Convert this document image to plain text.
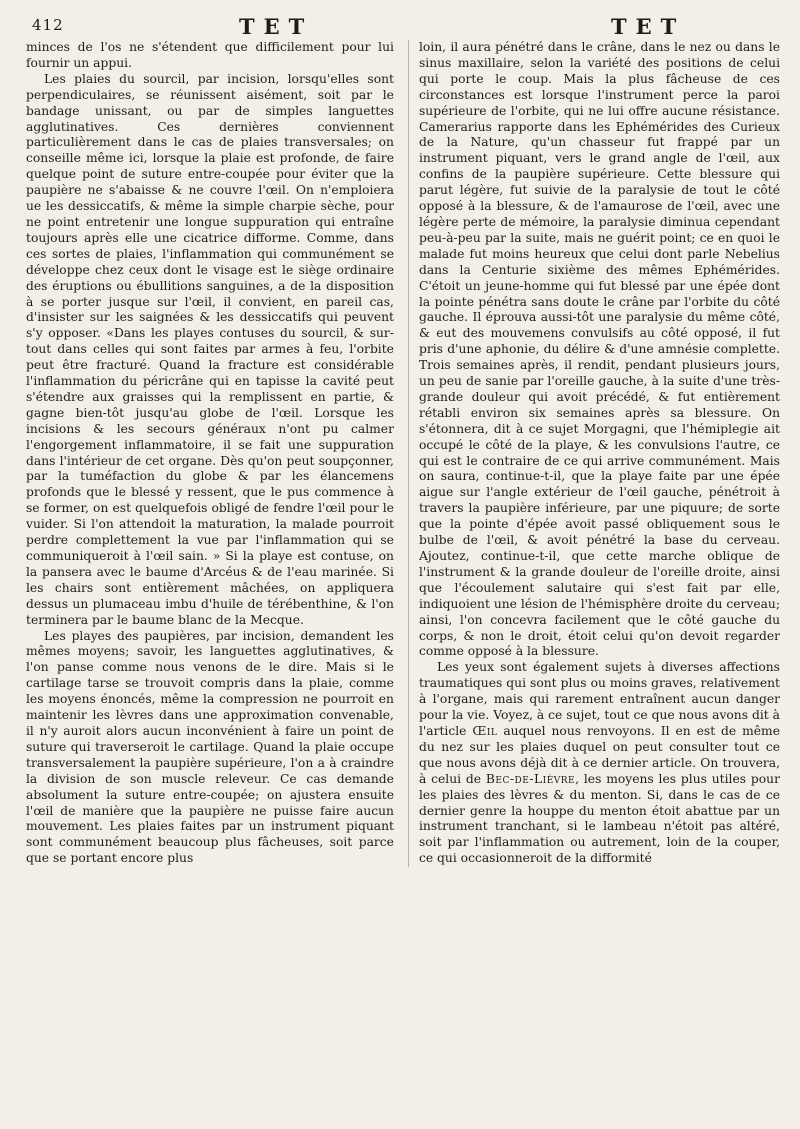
412	TET	TET

minces de l'os ne s'étendent que difficilement pour lui fournir un appui.

Les plaies du sourcil, par incision, lorsqu'elles sont perpendiculaires, se réunissent aisément, soit par le bandage unissant, ou par de simples languettes agglutinatives. Ces dernières conviennent particulièrement dans le cas de plaies transversales; on conseille même ici, lorsque la plaie est profonde, de faire quelque point de suture entre-coupée pour éviter que la paupière ne s'abaisse & ne couvre l'œil. On n'emploiera ue les dessiccatifs, & même la simple charpie sèche, pour ne point entretenir une longue suppuration qui entraîne toujours après elle une cicatrice difforme. Comme, dans ces sortes de plaies, l'inflammation qui communément se développe chez ceux dont le visage est le siège ordinaire des éruptions ou ébullitions sanguines, a de la disposition à se porter jusque sur l'œil, il convient, en pareil cas, d'insister sur les saignées & les dessiccatifs qui peuvent s'y opposer. «Dans les playes contuses du sourcil, & sur-tout dans celles qui sont faites par armes à feu, l'orbite peut être fracturé. Quand la fracture est considérable l'inflammation du péricrâne qui en tapisse la cavité peut s'étendre aux graisses qui la remplissent en partie, & gagne bien-tôt jusqu'au globe de l'œil. Lorsque les incisions & les secours généraux n'ont pu calmer l'engorgement inflammatoire, il se fait une suppuration dans l'intérieur de cet organe. Dès qu'on peut soupçonner, par la tuméfaction du globe & par les élancemens profonds que le blessé y ressent, que le pus commence à se former, on est quelquefois obligé de fendre l'œil pour le vuider. Si l'on attendoit la maturation, la malade pourroit perdre complettement la vue par l'inflammation qui se communiqueroit à l'œil sain. » Si la playe est contuse, on la pansera avec le baume d'Arcéus & de l'eau marinée. Si les chairs sont entièrement mâchées, on appliquera dessus un plumaceau imbu d'huile de térébenthine, & l'on terminera par le baume blanc de la Mecque.

Les playes des paupières, par incision, demandent les mêmes moyens; savoir, les languettes agglutinatives, & l'on panse comme nous venons de le dire. Mais si le cartilage tarse se trouvoit compris dans la plaie, comme les moyens énoncés, même la compression ne pourroit en maintenir les lèvres dans une approximation convenable, il n'y auroit alors aucun inconvénient à faire un point de suture qui traverseroit le cartilage. Quand la plaie occupe transversalement la paupière supérieure, l'on a à craindre la division de son muscle releveur. Ce cas demande absolument la suture entre-coupée; on ajustera ensuite l'œil de manière que la paupière ne puisse faire aucun mouvement. Les plaies faites par un instrument piquant sont communément beaucoup plus fâcheuses, soit parce que se portant encore plus

loin, il aura pénétré dans le crâne, dans le nez ou dans le sinus maxillaire, selon la variété des positions de celui qui porte le coup. Mais la plus fâcheuse de ces circonstances est lorsque l'instrument perce la paroi supérieure de l'orbite, qui ne lui offre aucune résistance. Camerarius rapporte dans les Ephémérides des Curieux de la Nature, qu'un chasseur fut frappé par un instrument piquant, vers le grand angle de l'œil, aux confins de la paupière supérieure. Cette blessure qui parut légère, fut suivie de la paralysie de tout le côté opposé à la blessure, & de l'amaurose de l'œil, avec une légère perte de mémoire, la paralysie diminua cependant peu-à-peu par la suite, mais ne guérit point; ce en quoi le malade fut moins heureux que celui dont parle Nebelius dans la Centurie sixième des mêmes Ephémérides. C'étoit un jeune-homme qui fut blessé par une épée dont la pointe pénétra sans doute le crâne par l'orbite du côté gauche. Il éprouva aussi-tôt une paralysie du même côté, & eut des mouvemens convulsifs au côté opposé, il fut pris d'une aphonie, du délire & d'une amnésie complette. Trois semaines après, il rendit, pendant plusieurs jours, un peu de sanie par l'oreille gauche, à la suite d'une très-grande douleur qui avoit précédé, & fut entièrement rétabli environ six semaines après sa blessure. On s'étonnera, dit à ce sujet Morgagni, que l'hémiplegie ait occupé le côté de la playe, & les convulsions l'autre, ce qui est le contraire de ce qui arrive communément. Mais on saura, continue-t-il, que la playe faite par une épée aigue sur l'angle extérieur de l'œil gauche, pénétroit à travers la paupière inférieure, par une piquure; de sorte que la pointe d'épée avoit passé obliquement sous le bulbe de l'œil, & avoit pénétré la base du cerveau. Ajoutez, continue-t-il, que cette marche oblique de l'instrument & la grande douleur de l'oreille droite, ainsi que l'écoulement salutaire qui s'est fait par elle, indiquoient une lésion de l'hémisphère droite du cerveau; ainsi, l'on concevra facilement que le côté gauche du corps, & non le droit, étoit celui qu'on devoit regarder comme opposé à la blessure.

Les yeux sont également sujets à diverses affections traumatiques qui sont plus ou moins graves, relativement à l'organe, mais qui rarement entraînent aucun danger pour la vie. Voyez, à ce sujet, tout ce que nous avons dit à l'article Œil auquel nous renvoyons. Il en est de même du nez sur les plaies duquel on peut consulter tout ce que nous avons déjà dit à ce dernier article. On trouvera, à celui de Bec-de-Lièvre, les moyens les plus utiles pour les plaies des lèvres & du menton. Si, dans le cas de ce dernier genre la houppe du menton étoit abattue par un instrument tranchant, si le lambeau n'étoit pas altéré, soit par l'inflammation ou autrement, loin de la couper, ce qui occasionneroit de la difformité
